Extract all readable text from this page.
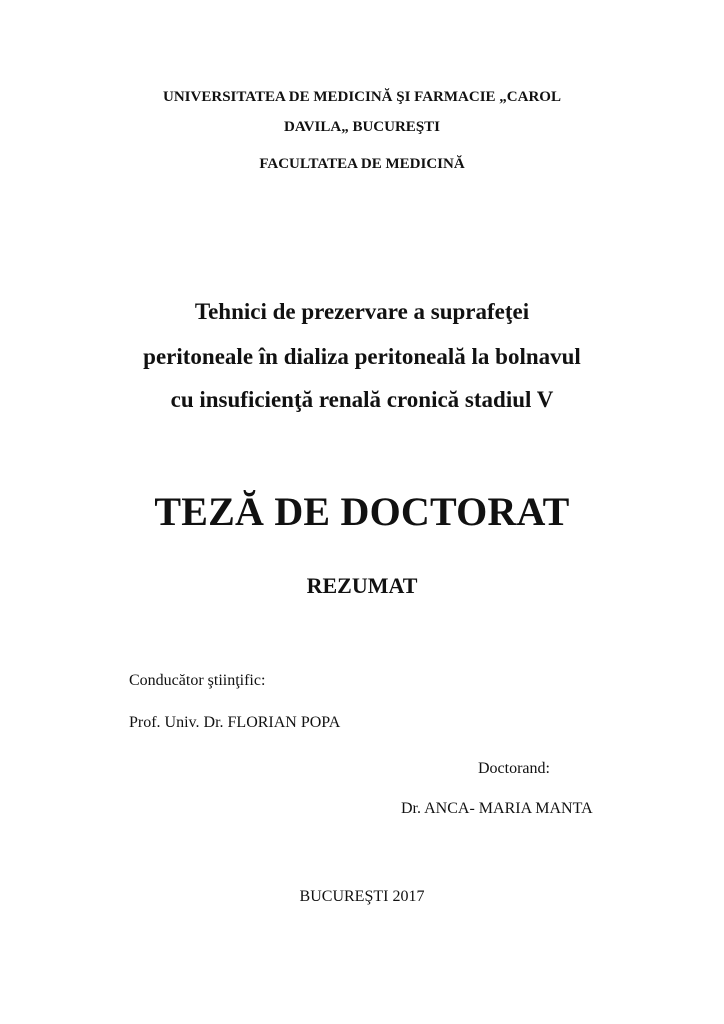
UNIVERSITATEA DE MEDICINĂ ŞI FARMACIE „CAROL
DAVILA„ BUCUREŞTI
FACULTATEA DE MEDICINĂ
Tehnici de prezervare a suprafeţei
peritoneale în dializa peritoneală la bolnavul
cu insuficienţă renală cronică stadiul V
TEZĂ DE DOCTORAT
REZUMAT
Conducător ştiinţific:
Prof. Univ. Dr. FLORIAN POPA
Doctorand:
Dr. ANCA- MARIA MANTA
BUCUREŞTI 2017
